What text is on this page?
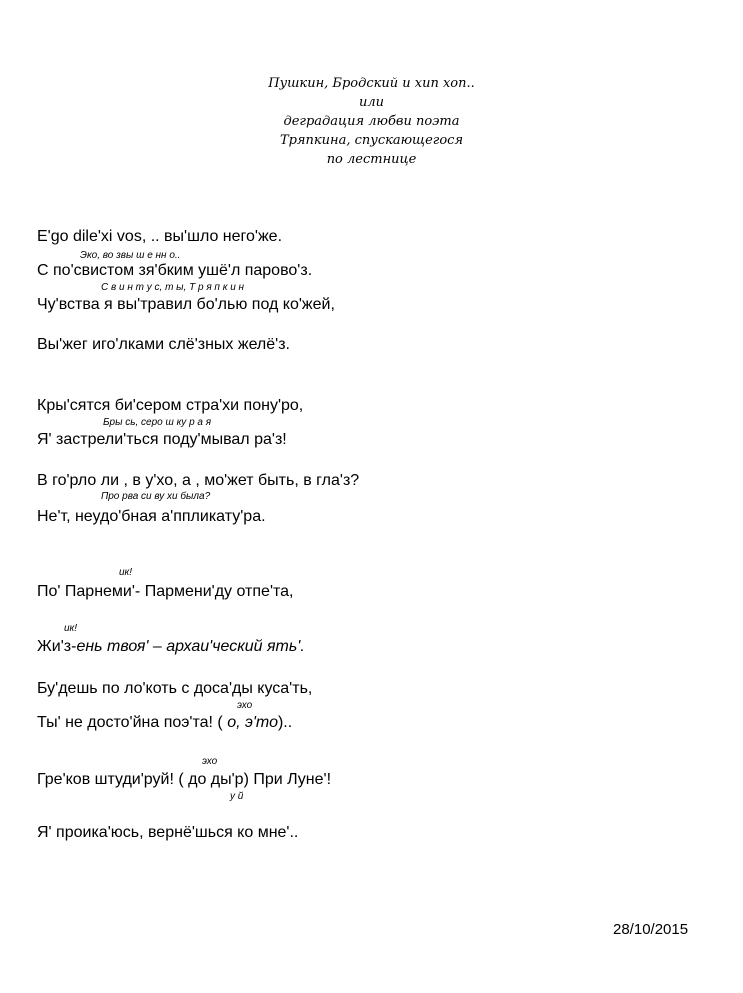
Пушкин, Бродский и хип хоп..
или
деградация любви поэта
Тряпкина, спускающегося
по лестнице
E'go dile'xi vos, .. вы'шло него'же.
Эко, во звы ш е нн о..
С по'свистом зя'бким ушё'л парово'з.
С в и н т у с, т ы, Т р я п к и н
Чу'вства я вы'травил бо'лью под ко'жей,
Вы'жег иго'лками слё'зных желё'з.
Кры'сятся би'сером стра'хи пону'ро,
Бры сь, серо ш ку р а я
Я' застрели'ться поду'мывал ра'з!
В го'рло ли , в у'хо, а , мо'жет быть, в гла'з?
Про рва си ву хи была?
Не'т, неудо'бная а'ппликату'ра.
ик!
По' Парнеми'- Пармени'ду отпе'та,
ик!
Жи'з-ень твоя' – архаи'ческий ять'.
Бу'дешь по ло'коть с доса'ды куса'ть,
эхо
Ты' не досто'йна поэ'та! ( о, э'то)..
эхо
Гре'ков штуди'руй! ( до ды'р) При Луне'!
у й
Я' проика'юсь, вернё'шься ко мне'..
28/10/2015
